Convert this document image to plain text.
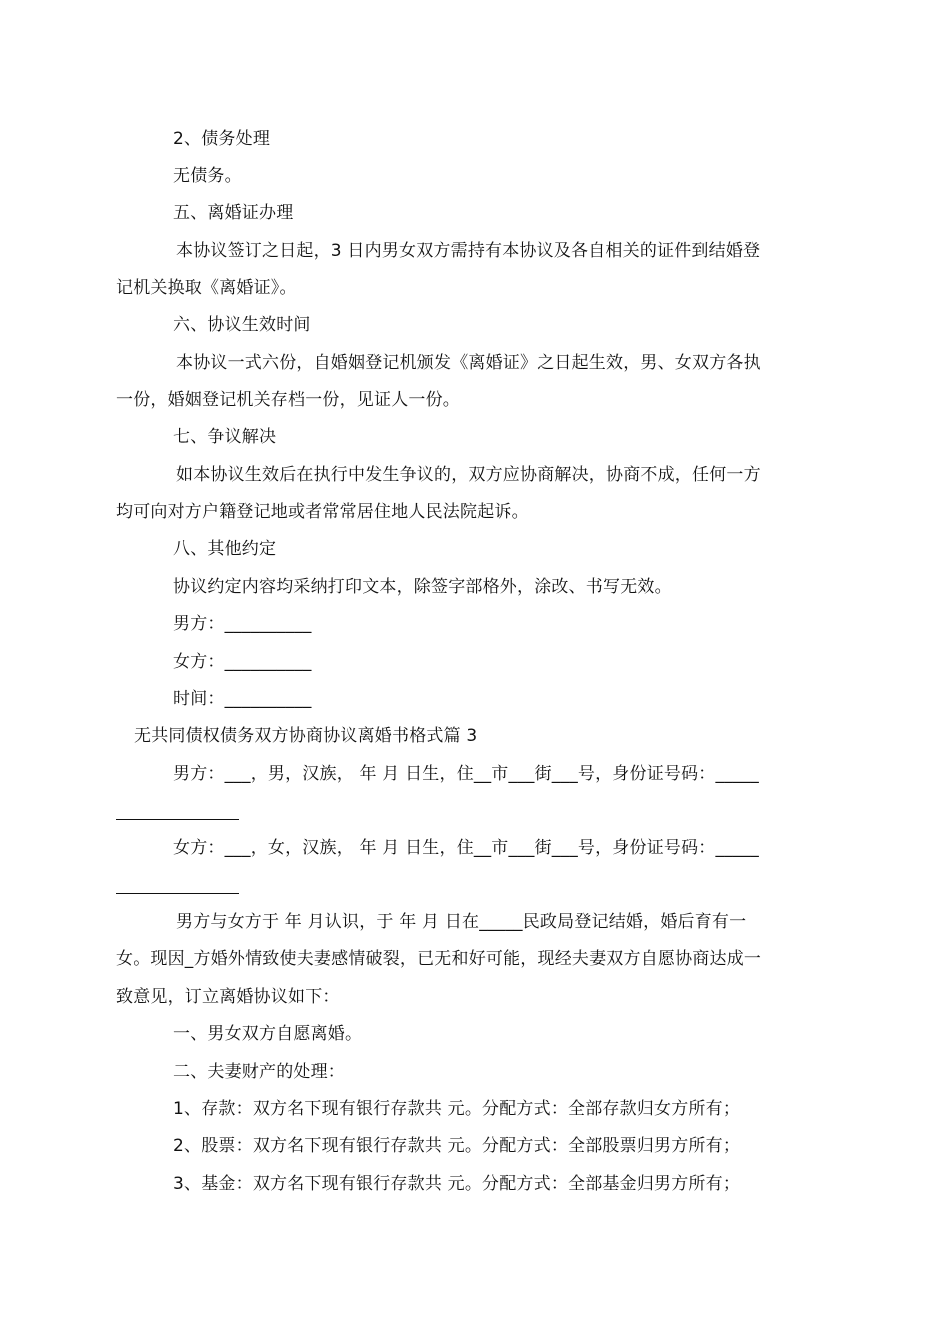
2、债务处理
无债务。
五、离婚证办理
本协议签订之日起，3 日内男女双方需持有本协议及各自相关的证件到结婚登
记机关换取《离婚证》。
六、协议生效时间
本协议一式六份，自婚姻登记机颁发《离婚证》之日起生效，男、女双方各执
一份，婚姻登记机关存档一份，见证人一份。
七、争议解决
如本协议生效后在执行中发生争议的，双方应协商解决，协商不成，任何一方
均可向对方户籍登记地或者常常居住地人民法院起诉。
八、其他约定
协议约定内容均采纳打印文本，除签字部格外，涂改、书写无效。
男方：__________
女方：__________
时间：__________
无共同债权债务双方协商协议离婚书格式篇 3
男方：___，男，汉族， 年 月 日生，住__市___街___号，身份证号码：_____
女方：___，女，汉族， 年 月 日生，住__市___街___号，身份证号码：_____
男方与女方于 年 月认识，于 年 月 日在_____民政局登记结婚，婚后育有一
女。现因_方婚外情致使夫妻感情破裂，已无和好可能，现经夫妻双方自愿协商达成一
致意见，订立离婚协议如下：
一、男女双方自愿离婚。
二、夫妻财产的处理：
1、存款：双方名下现有银行存款共 元。分配方式：全部存款归女方所有；
2、股票：双方名下现有银行存款共 元。分配方式：全部股票归男方所有；
3、基金：双方名下现有银行存款共 元。分配方式：全部基金归男方所有；
